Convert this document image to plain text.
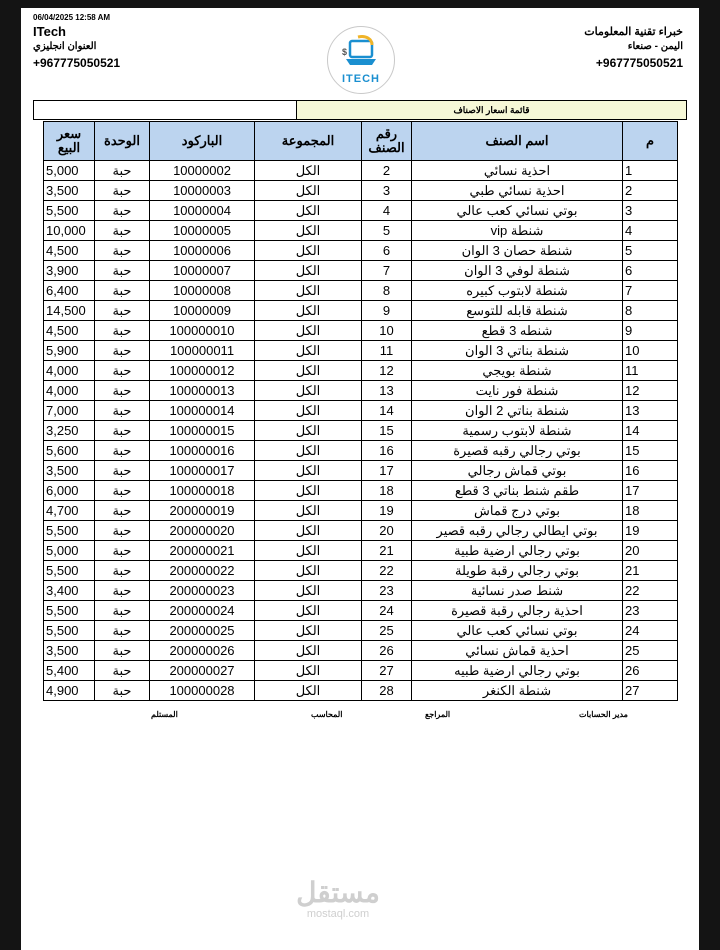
06/04/2025 12:58 AM
ITech
العنوان انجليزي
+967775050521
$
ITECH
خبراء تقنية المعلومات
اليمن - صنعاء
+967775050521
قائمة اسعار الاصناف
سعر البيع	الوحدة	الباركود	المجموعة	رقم الصنف	اسم الصنف	م
5,000	حبة	10000002	الكل	2	احذية نسائي	1
3,500	حبة	10000003	الكل	3	احذية نسائي طبي	2
5,500	حبة	10000004	الكل	4	بوتي نسائي كعب عالي	3
10,000	حبة	10000005	الكل	5	شنطة vip	4
4,500	حبة	10000006	الكل	6	شنطة حصان 3 الوان	5
3,900	حبة	10000007	الكل	7	شنطة لوفي 3 الوان	6
6,400	حبة	10000008	الكل	8	شنطة لابتوب كبيره	7
14,500	حبة	10000009	الكل	9	شنطة قابله للتوسع	8
4,500	حبة	100000010	الكل	10	شنطه 3 قطع	9
5,900	حبة	100000011	الكل	11	شنطة بناتي 3 الوان	10
4,000	حبة	100000012	الكل	12	شنطة بويجي	11
4,000	حبة	100000013	الكل	13	شنطة فور نايت	12
7,000	حبة	100000014	الكل	14	شنطة بناتي 2 الوان	13
3,250	حبة	100000015	الكل	15	شنطة لابتوب رسمية	14
5,600	حبة	100000016	الكل	16	بوتي رجالي رقبه قصيرة	15
3,500	حبة	100000017	الكل	17	بوتي قماش رجالي	16
6,000	حبة	100000018	الكل	18	طقم شنط بناتي 3 قطع	17
4,700	حبة	200000019	الكل	19	بوتي درج قماش	18
5,500	حبة	200000020	الكل	20	بوتي ايطالي رجالي رقبه قصير	19
5,000	حبة	200000021	الكل	21	بوتي رجالي ارضية طبية	20
5,500	حبة	200000022	الكل	22	بوتي رجالي رقبة طويلة	21
3,400	حبة	200000023	الكل	23	شنط صدر نسائية	22
5,500	حبة	200000024	الكل	24	احذية رجالي رقبة قصيرة	23
5,500	حبة	200000025	الكل	25	بوتي نسائي كعب عالي	24
3,500	حبة	200000026	الكل	26	احذية قماش نسائي	25
5,400	حبة	200000027	الكل	27	بوتي رجالي ارضية طبيه	26
4,900	حبة	100000028	الكل	28	شنطة الكنغر	27
المستلم	المحاسب	المراجع	مدير الحسابات
مستقل
mostaql.com
